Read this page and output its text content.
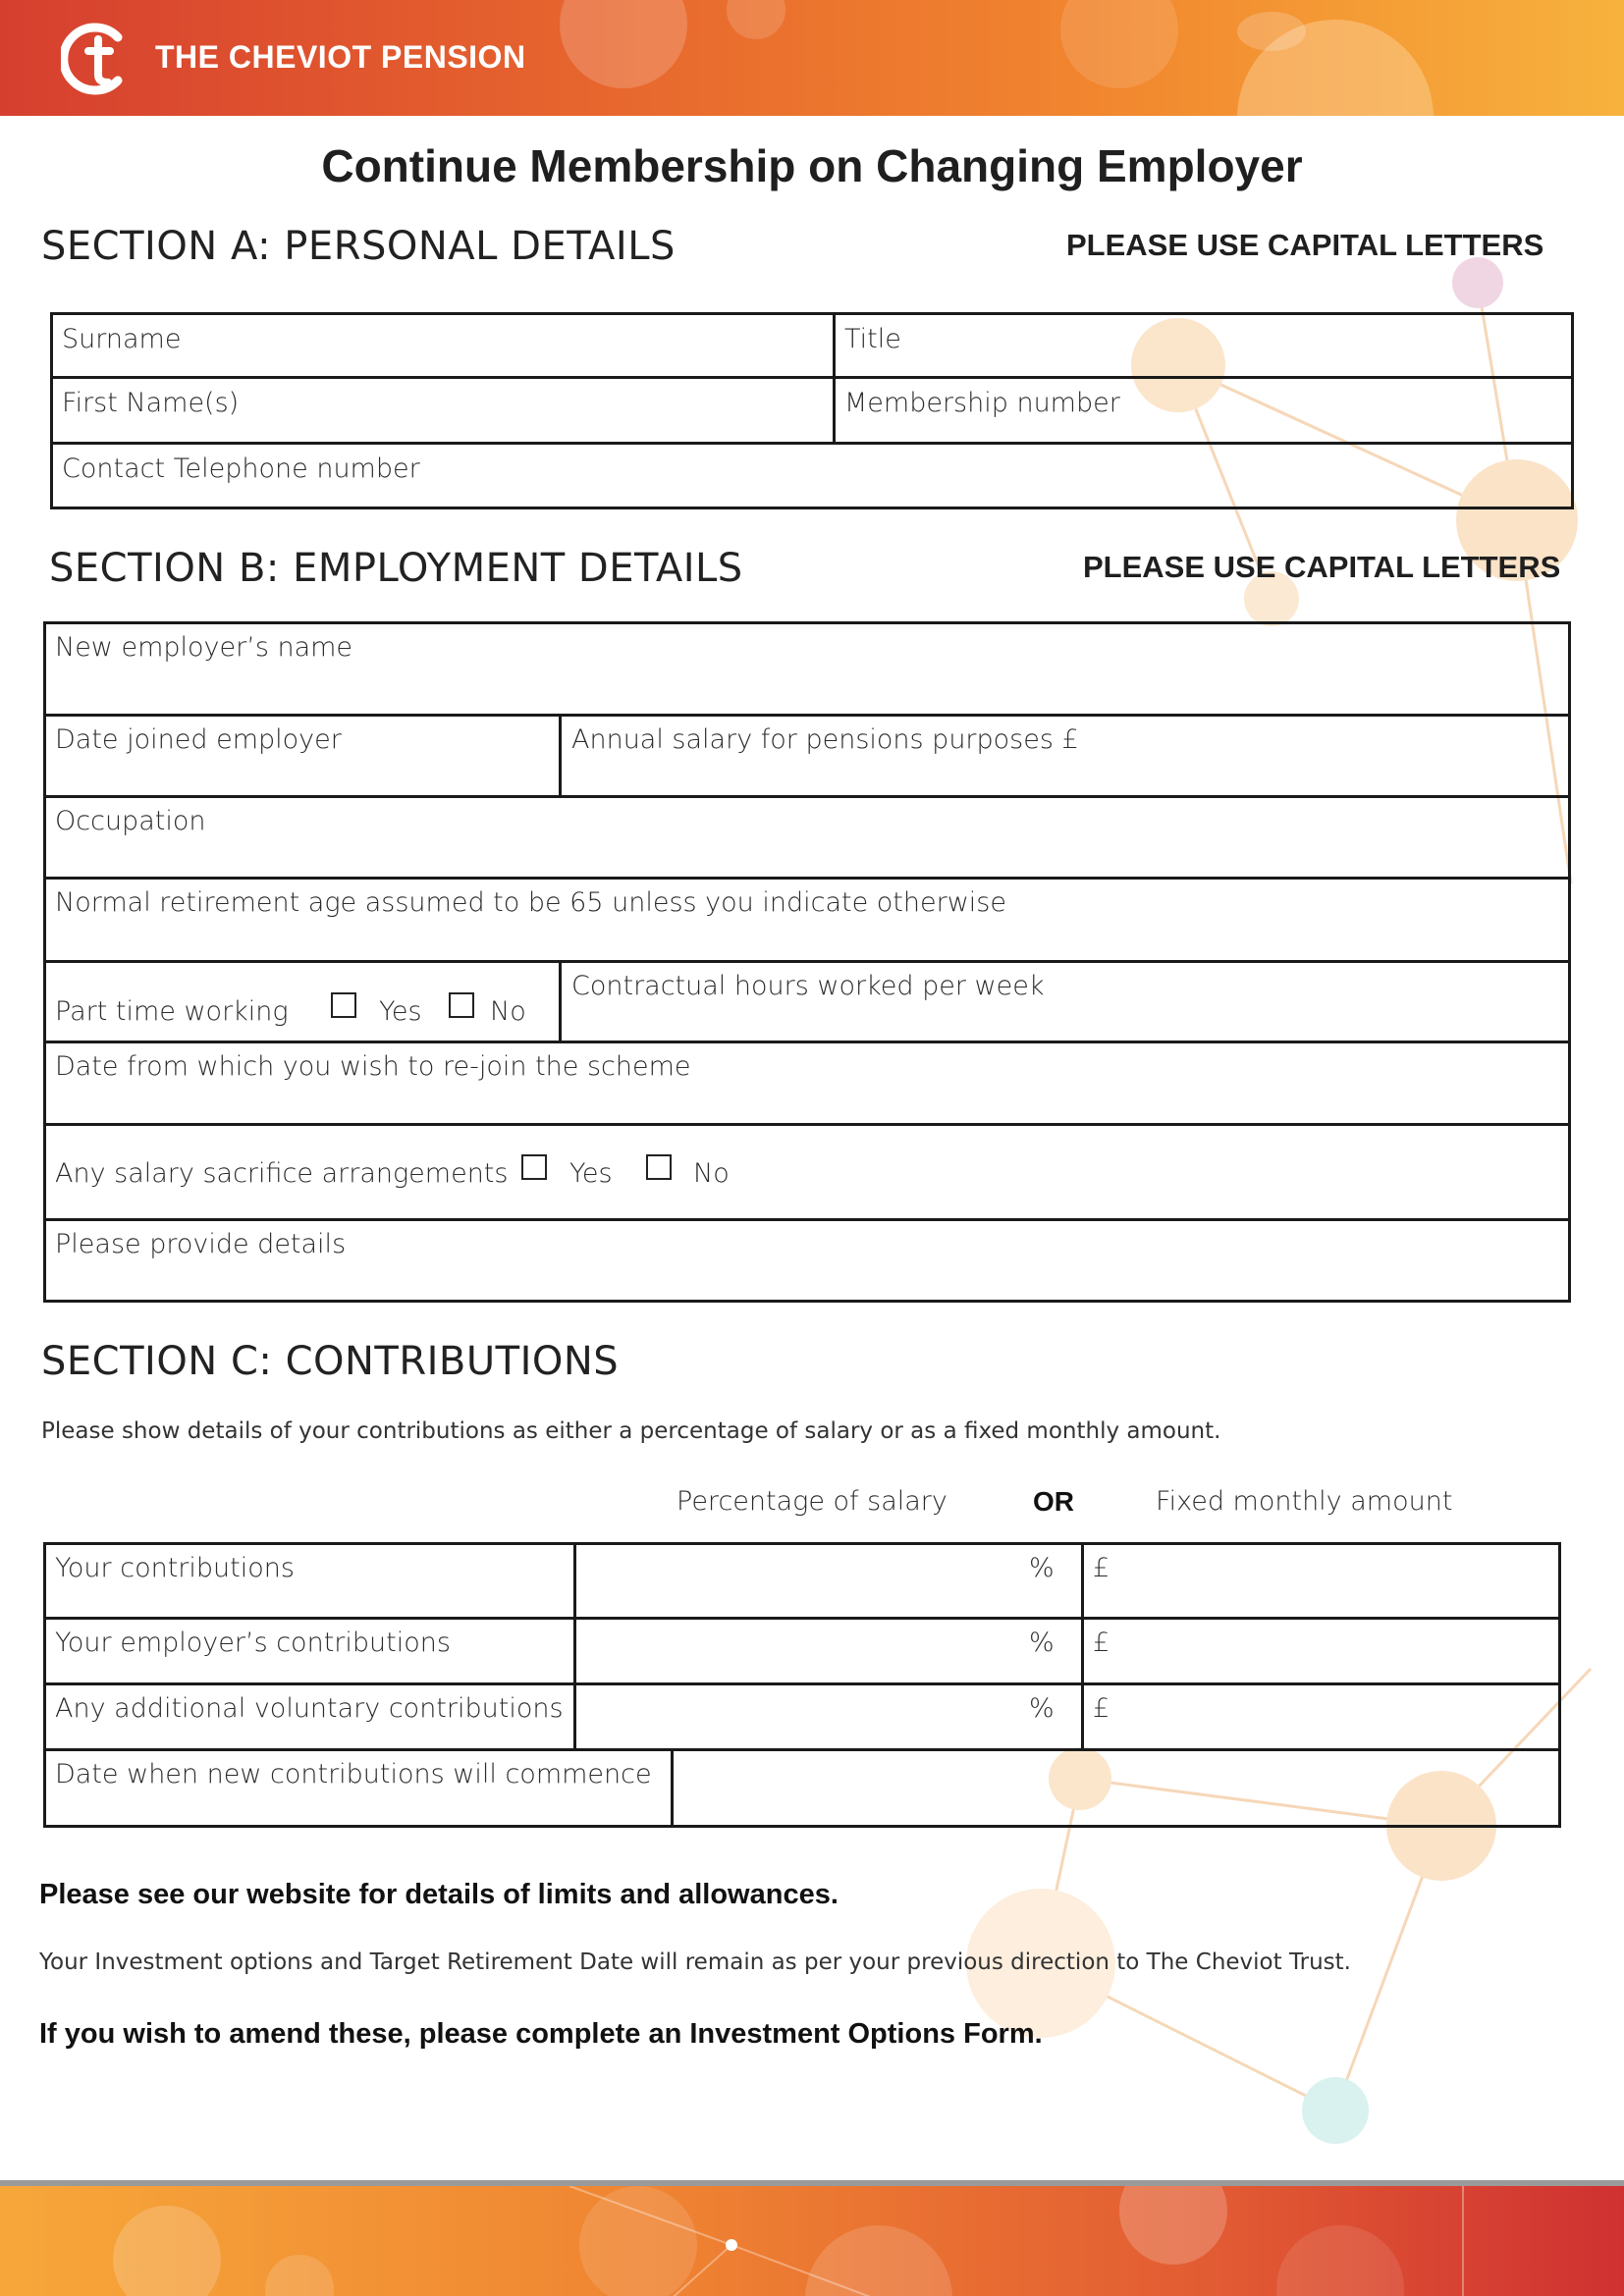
THE CHEVIOT PENSION
Continue Membership on Changing Employer
SECTION A: PERSONAL DETAILS	PLEASE USE CAPITAL LETTERS
Surname	Title
First Name(s)	Membership number
Contact Telephone number
SECTION B: EMPLOYMENT DETAILS	PLEASE USE CAPITAL LETTERS
New employer’s name
Date joined employer	Annual salary for pensions purposes £
Occupation
Normal retirement age assumed to be 65 unless you indicate otherwise
Part time working	Yes	No
Contractual hours worked per week
Date from which you wish to re-join the scheme
Any salary sacrifice arrangements Yes	No
Please provide details
SECTION C: CONTRIBUTIONS
Please show details of your contributions as either a percentage of salary or as a fixed monthly amount.
Percentage of salary	OR	Fixed monthly amount
Your contributions	% £
Your employer’s contributions	% £
Any additional voluntary contributions	% £
Date when new contributions will commence
Please see our website for details of limits and allowances.
Your Investment options and Target Retirement Date will remain as per your previous direction to The Cheviot Trust.
If you wish to amend these, please complete an Investment Options Form.
